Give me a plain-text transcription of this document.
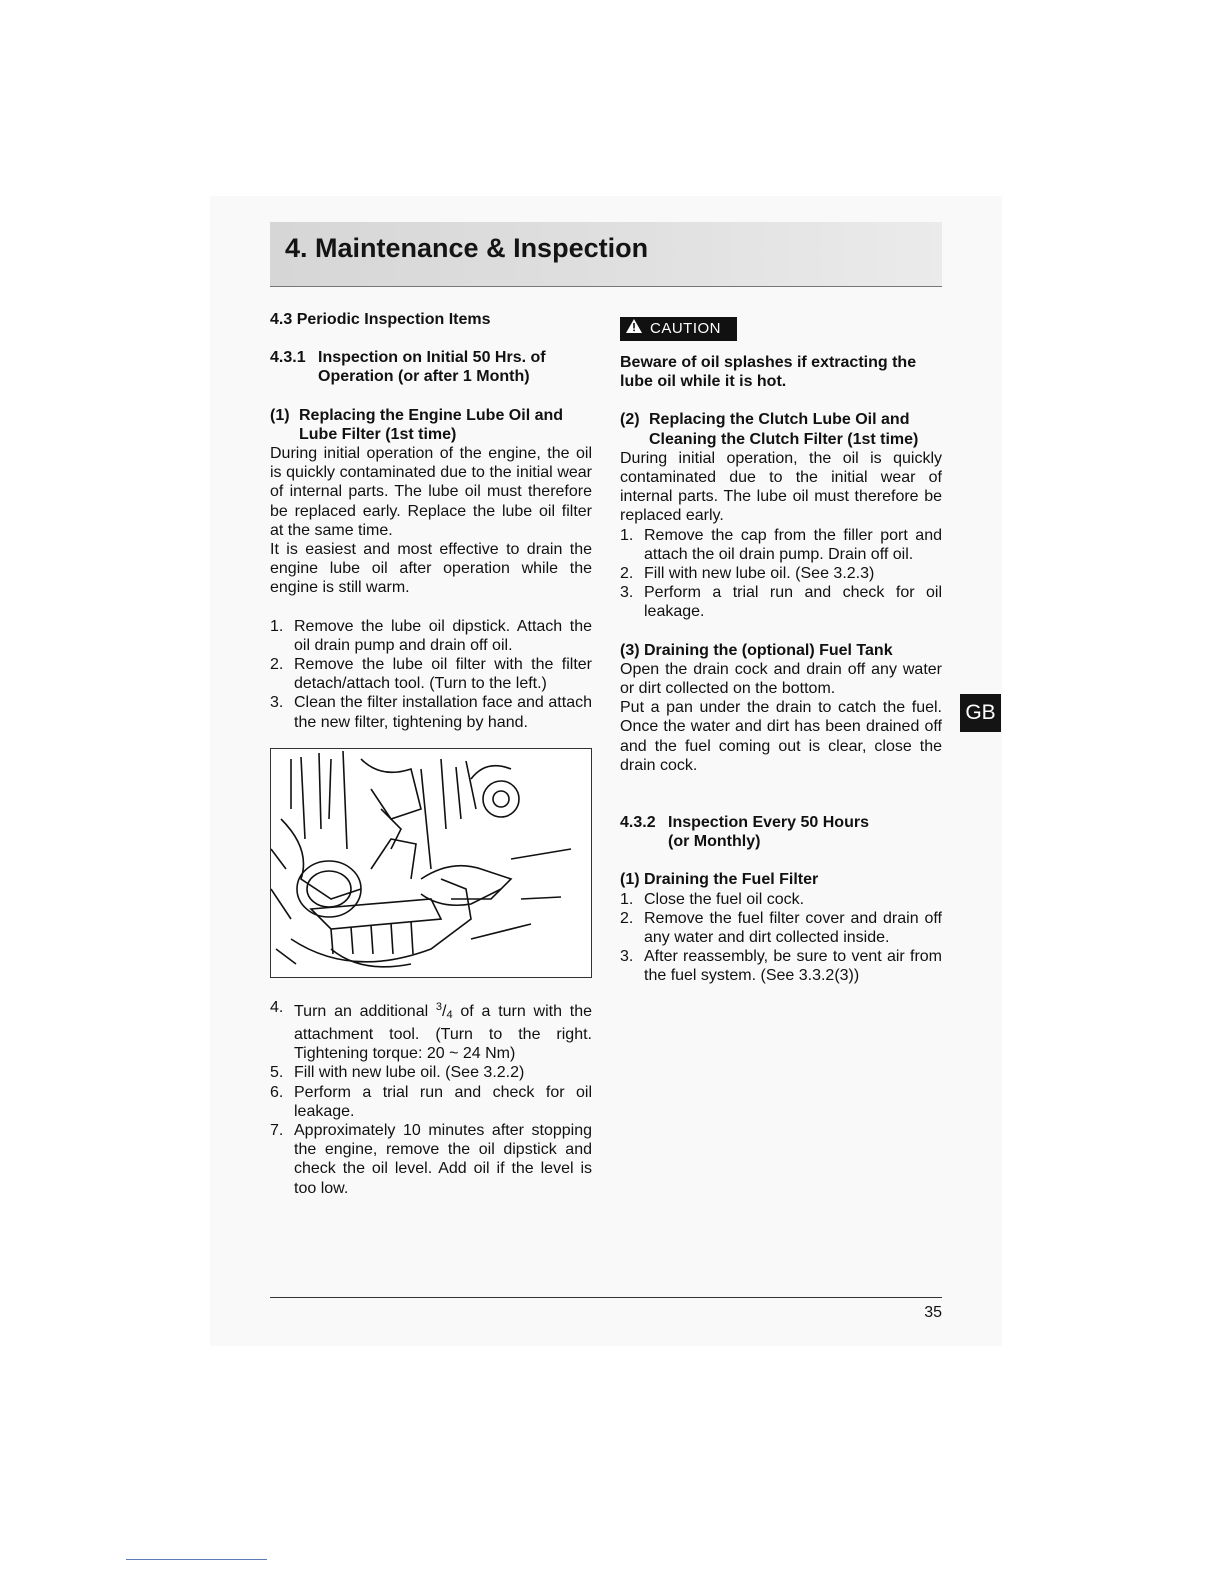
4. Maintenance & Inspection
4.3 Periodic Inspection Items
4.3.1 Inspection on Initial 50 Hrs. of
Operation (or after 1 Month)
(1) Replacing the Engine Lube Oil and
Lube Filter (1st time)

During initial operation of the engine, the oil is quickly contaminated due to the initial wear of internal parts. The lube oil must therefore be replaced early. Replace the lube oil filter at the same time.

It is easiest and most effective to drain the engine lube oil after operation while the engine is still warm.

1. Remove the lube oil dipstick. Attach the oil drain pump and drain off oil.
2. Remove the lube oil filter with the filter detach/attach tool. (Turn to the left.)
3. Clean the filter installation face and attach the new filter, tightening by hand.
4. Turn an additional $^3/_4$ of a turn with the attachment tool. (Turn to the right. Tightening torque: 20 ~ 24 Nm)
5. Fill with new lube oil. (See 3.2.2)
6. Perform a trial run and check for oil leakage.
7. Approximately 10 minutes after stopping the engine, remove the oil dipstick and check the oil level. Add oil if the level is too low.
CAUTION
Beware of oil splashes if extracting the lube oil while it is hot.
(2) Replacing the Clutch Lube Oil and
Cleaning the Clutch Filter (1st time)

During initial operation, the oil is quickly contaminated due to the initial wear of internal parts. The lube oil must therefore be replaced early.

1. Remove the cap from the filler port and attach the oil drain pump. Drain off oil.
2. Fill with new lube oil. (See 3.2.3)
3. Perform a trial run and check for oil leakage.
(3) Draining the (optional) Fuel Tank

Open the drain cock and drain off any water or dirt collected on the bottom.

Put a pan under the drain to catch the fuel. Once the water and dirt has been drained off and the fuel coming out is clear, close the drain cock.

4.3.2 Inspection Every 50 Hours
(or Monthly)
(1) Draining the Fuel Filter
1. Close the fuel oil cock.
2. Remove the fuel filter cover and drain off any water and dirt collected inside.
3. After reassembly, be sure to vent air from the fuel system. (See 3.3.2(3))
GB
35
